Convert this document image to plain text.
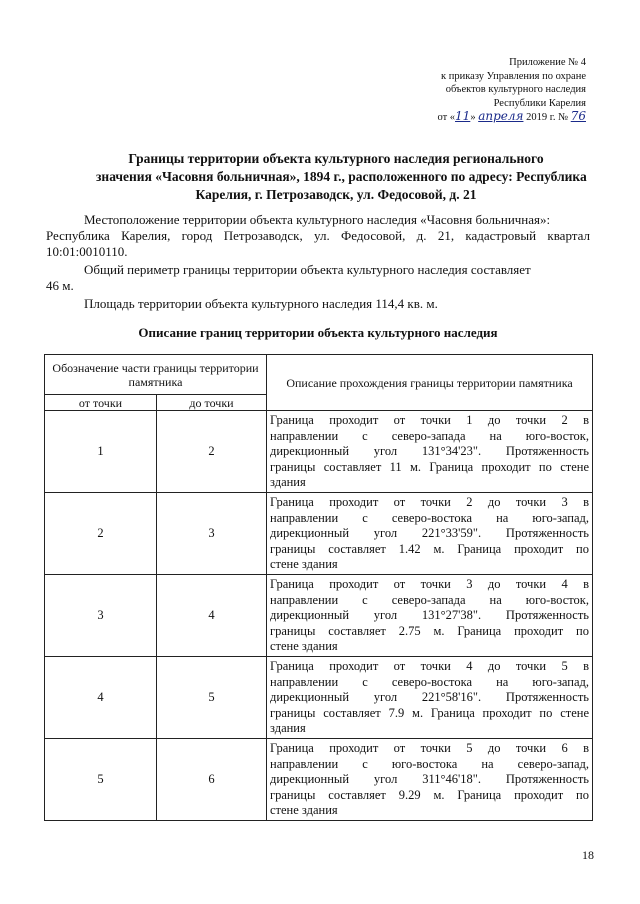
Приложение № 4
к приказу Управления по охране
объектов культурного наследия
Республики Карелия
от «11» апреля 2019 г. № 76
Границы территории объекта культурного наследия регионального
значения «Часовня больничная», 1894 г., расположенного по адресу: Республика
Карелия, г. Петрозаводск, ул. Федосовой, д. 21
Местоположение территории объекта культурного наследия «Часовня больничная»:
Республика Карелия, город Петрозаводск, ул. Федосовой, д. 21, кадастровый квартал
10:01:0010110.
Общий периметр границы территории объекта культурного наследия составляет
46 м.
Площадь территории объекта культурного наследия 114,4 кв. м.
Описание границ территории объекта культурного наследия
Обозначение части границы территории памятника		Описание прохождения границы территории памятника
от точки	до точки	
1	2	Граница проходит от точки 1 до точки 2 в
направлении с северо-запада на юго-восток,
дирекционный угол 131°34'23". Протяженность
границы составляет 11 м. Граница проходит по стене
здания

2	3	Граница проходит от точки 2 до точки 3 в
направлении с северо-востока на юго-запад,
дирекционный угол 221°33'59". Протяженность
границы составляет 1.42 м. Граница проходит по
стене здания

3	4	Граница проходит от точки 3 до точки 4 в
направлении с северо-запада на юго-восток,
дирекционный угол 131°27'38". Протяженность
границы составляет 2.75 м. Граница проходит по
стене здания

4	5	Граница проходит от точки 4 до точки 5 в
направлении с северо-востока на юго-запад,
дирекционный угол 221°58'16". Протяженность
границы составляет 7.9 м. Граница проходит по стене
здания

5	6	Граница проходит от точки 5 до точки 6 в
направлении с юго-востока на северо-запад,
дирекционный угол 311°46'18". Протяженность
границы составляет 9.29 м. Граница проходит по
стене здания
18
